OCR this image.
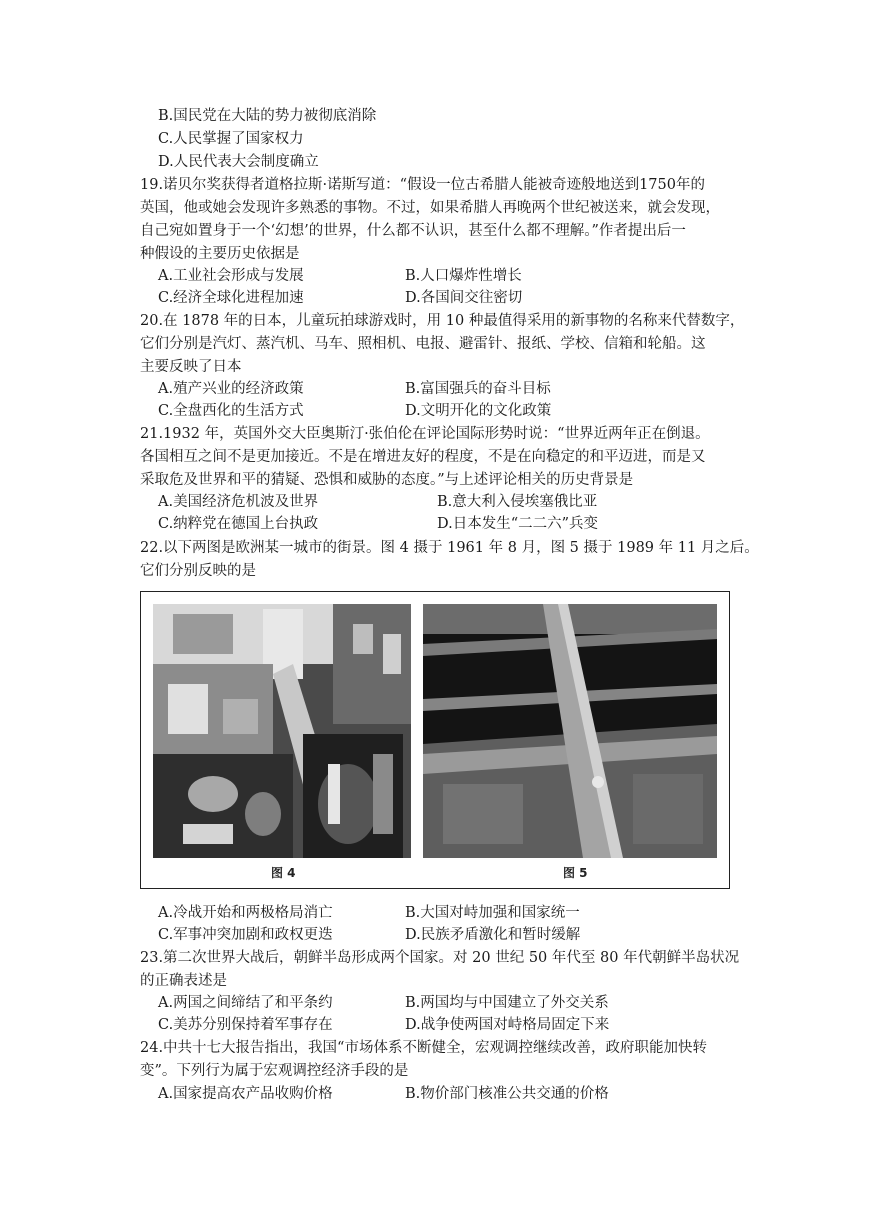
B.国民党在大陆的势力被彻底消除
C.人民掌握了国家权力
D.人民代表大会制度确立
19.诺贝尔奖获得者道格拉斯·诺斯写道：“假设一位古希腊人能被奇迹般地送到1750年的
英国，他或她会发现许多熟悉的事物。不过，如果希腊人再晚两个世纪被送来，就会发现，
自己宛如置身于一个‘幻想’的世界，什么都不认识，甚至什么都不理解。”作者提出后一
种假设的主要历史依据是
A.工业社会形成与发展	B.人口爆炸性增长
C.经济全球化进程加速	D.各国间交往密切
20.在 1878 年的日本，儿童玩拍球游戏时，用 10 种最值得采用的新事物的名称来代替数字，
它们分别是汽灯、蒸汽机、马车、照相机、电报、避雷针、报纸、学校、信箱和轮船。这
主要反映了日本
A.殖产兴业的经济政策	B.富国强兵的奋斗目标
C.全盘西化的生活方式	D.文明开化的文化政策
21.1932 年，英国外交大臣奥斯汀·张伯伦在评论国际形势时说：“世界近两年正在倒退。
各国相互之间不是更加接近。不是在增进友好的程度，不是在向稳定的和平迈进，而是又
采取危及世界和平的猜疑、恐惧和威胁的态度。”与上述评论相关的历史背景是
A.美国经济危机波及世界	B.意大利入侵埃塞俄比亚
C.纳粹党在德国上台执政	D.日本发生“二二六”兵变
22.以下两图是欧洲某一城市的街景。图 4 摄于 1961 年 8 月，图 5 摄于 1989 年 11 月之后。
它们分别反映的是
图 4	图 5
A.冷战开始和两极格局消亡	B.大国对峙加强和国家统一
C.军事冲突加剧和政权更迭	D.民族矛盾激化和暂时缓解
23.第二次世界大战后，朝鲜半岛形成两个国家。对 20 世纪 50 年代至 80 年代朝鲜半岛状况
的正确表述是
A.两国之间缔结了和平条约	B.两国均与中国建立了外交关系
C.美苏分别保持着军事存在	D.战争使两国对峙格局固定下来
24.中共十七大报告指出，我国“市场体系不断健全，宏观调控继续改善，政府职能加快转
变”。下列行为属于宏观调控经济手段的是
A.国家提高农产品收购价格	B.物价部门核准公共交通的价格
